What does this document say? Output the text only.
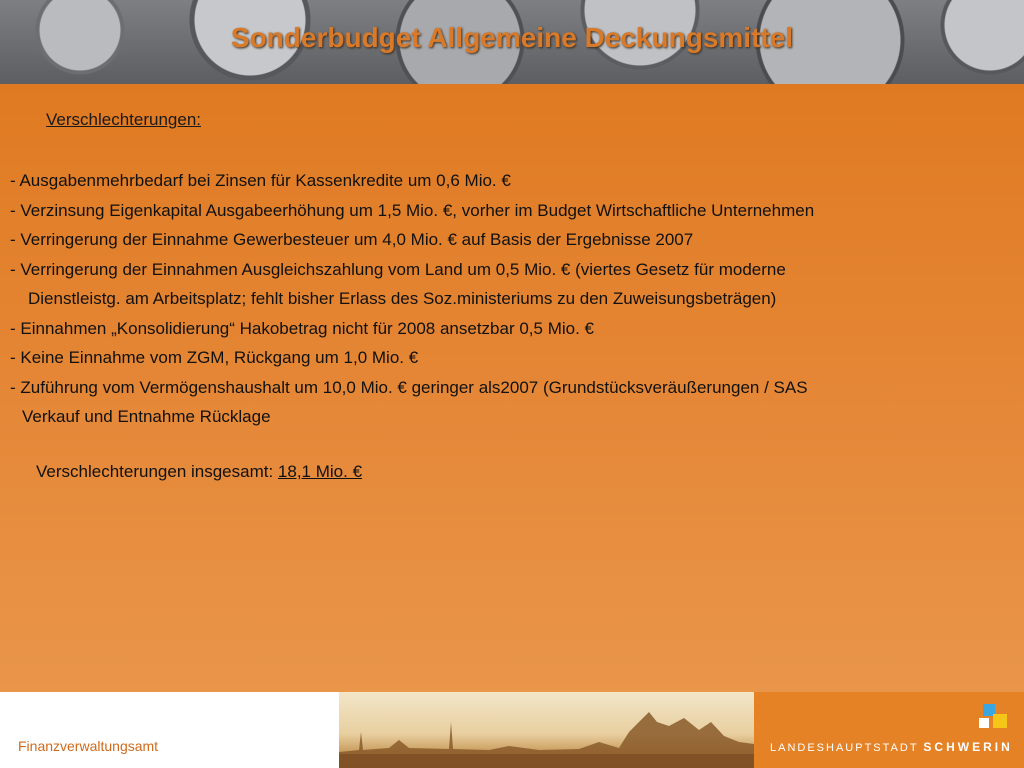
Sonderbudget Allgemeine Deckungsmittel
Verschlechterungen:
- Ausgabenmehrbedarf bei Zinsen für Kassenkredite um 0,6 Mio. €
- Verzinsung Eigenkapital Ausgabeerhöhung um 1,5 Mio. €, vorher im Budget Wirtschaftliche Unternehmen
- Verringerung der Einnahme Gewerbesteuer um 4,0 Mio. € auf Basis der Ergebnisse 2007
- Verringerung der Einnahmen Ausgleichszahlung vom Land um 0,5 Mio. € (viertes Gesetz für moderne
Dienstleistg. am Arbeitsplatz; fehlt bisher Erlass des Soz.ministeriums zu den Zuweisungsbeträgen)
- Einnahmen „Konsolidierung“ Hakobetrag nicht für 2008 ansetzbar 0,5 Mio. €
- Keine Einnahme vom ZGM, Rückgang um 1,0 Mio. €
- Zuführung vom Vermögenshaushalt um 10,0 Mio. € geringer als2007 (Grundstücksveräußerungen / SAS
Verkauf und Entnahme Rücklage
Verschlechterungen insgesamt: 18,1 Mio. €
Finanzverwaltungsamt	LANDESHAUPTSTADT SCHWERIN
